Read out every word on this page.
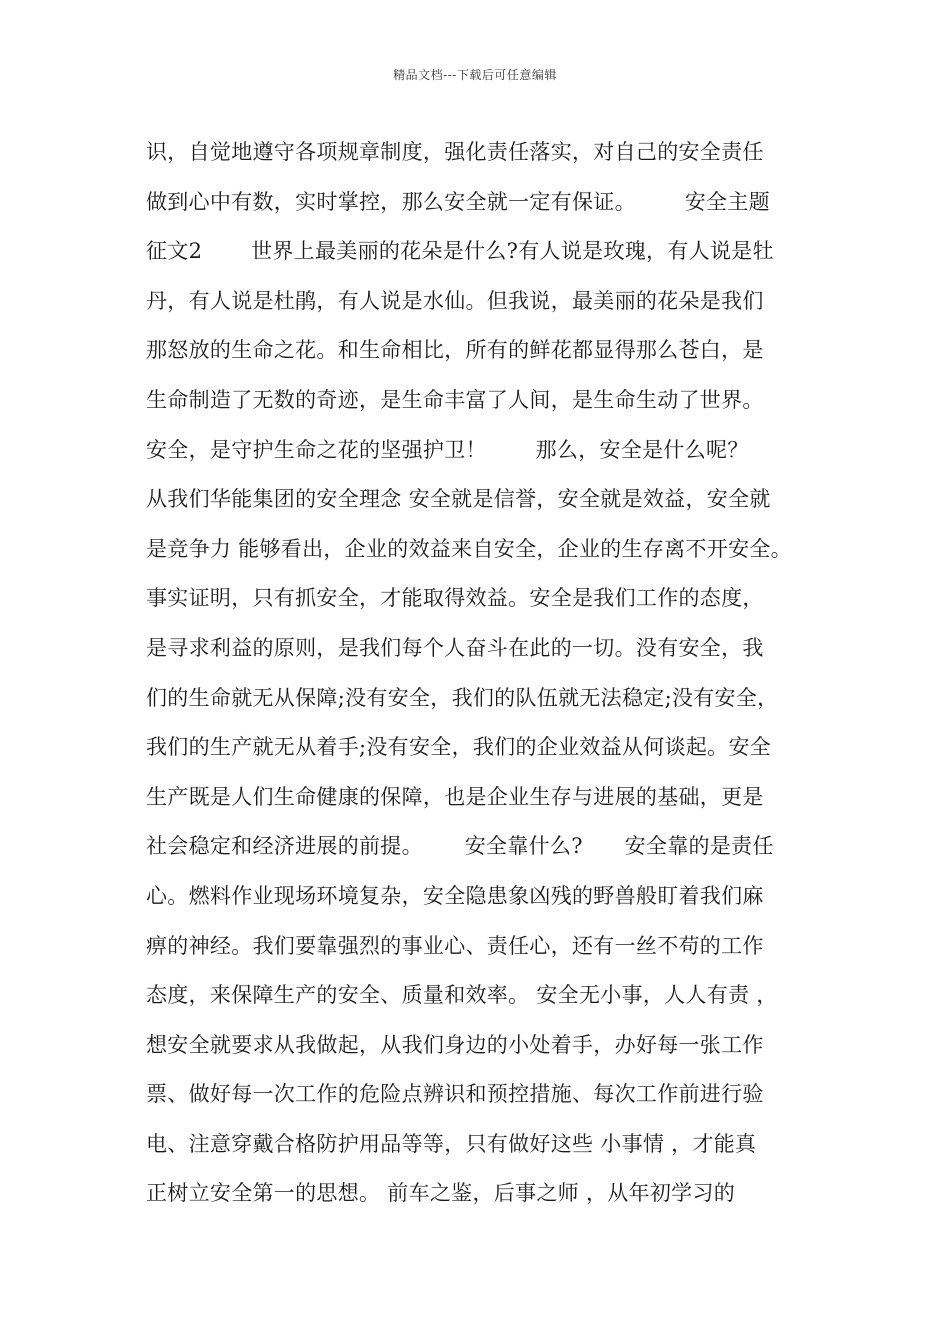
精品文档---下载后可任意编辑
识，自觉地遵守各项规章制度，强化责任落实，对自己的安全责任
做到心中有数，实时掌控，那么安全就一定有保证。       安全主题
征文2       世界上最美丽的花朵是什么?有人说是玫瑰，有人说是牡
丹，有人说是杜鹃，有人说是水仙。但我说，最美丽的花朵是我们
那怒放的生命之花。和生命相比，所有的鲜花都显得那么苍白，是
生命制造了无数的奇迹，是生命丰富了人间，是生命生动了世界。
安全，是守护生命之花的坚强护卫！       那么，安全是什么呢？
从我们华能集团的安全理念 安全就是信誉，安全就是效益，安全就
是竞争力 能够看出，企业的效益来自安全，企业的生存离不开安全。
事实证明，只有抓安全，才能取得效益。安全是我们工作的态度，
是寻求利益的原则，是我们每个人奋斗在此的一切。没有安全，我
们的生命就无从保障;没有安全，我们的队伍就无法稳定;没有安全，
我们的生产就无从着手;没有安全，我们的企业效益从何谈起。安全
生产既是人们生命健康的保障，也是企业生存与进展的基础，更是
社会稳定和经济进展的前提。      安全靠什么?      安全靠的是责任
心。燃料作业现场环境复杂，安全隐患象凶残的野兽般盯着我们麻
痹的神经。我们要靠强烈的事业心、责任心，还有一丝不苟的工作
态度，来保障生产的安全、质量和效率。 安全无小事，人人有责 ，
想安全就要求从我做起，从我们身边的小处着手，办好每一张工作
票、做好每一次工作的危险点辨识和预控措施、每次工作前进行验
电、注意穿戴合格防护用品等等，只有做好这些 小事情 ，才能真
正树立安全第一的思想。 前车之鉴，后事之师 ，从年初学习的
